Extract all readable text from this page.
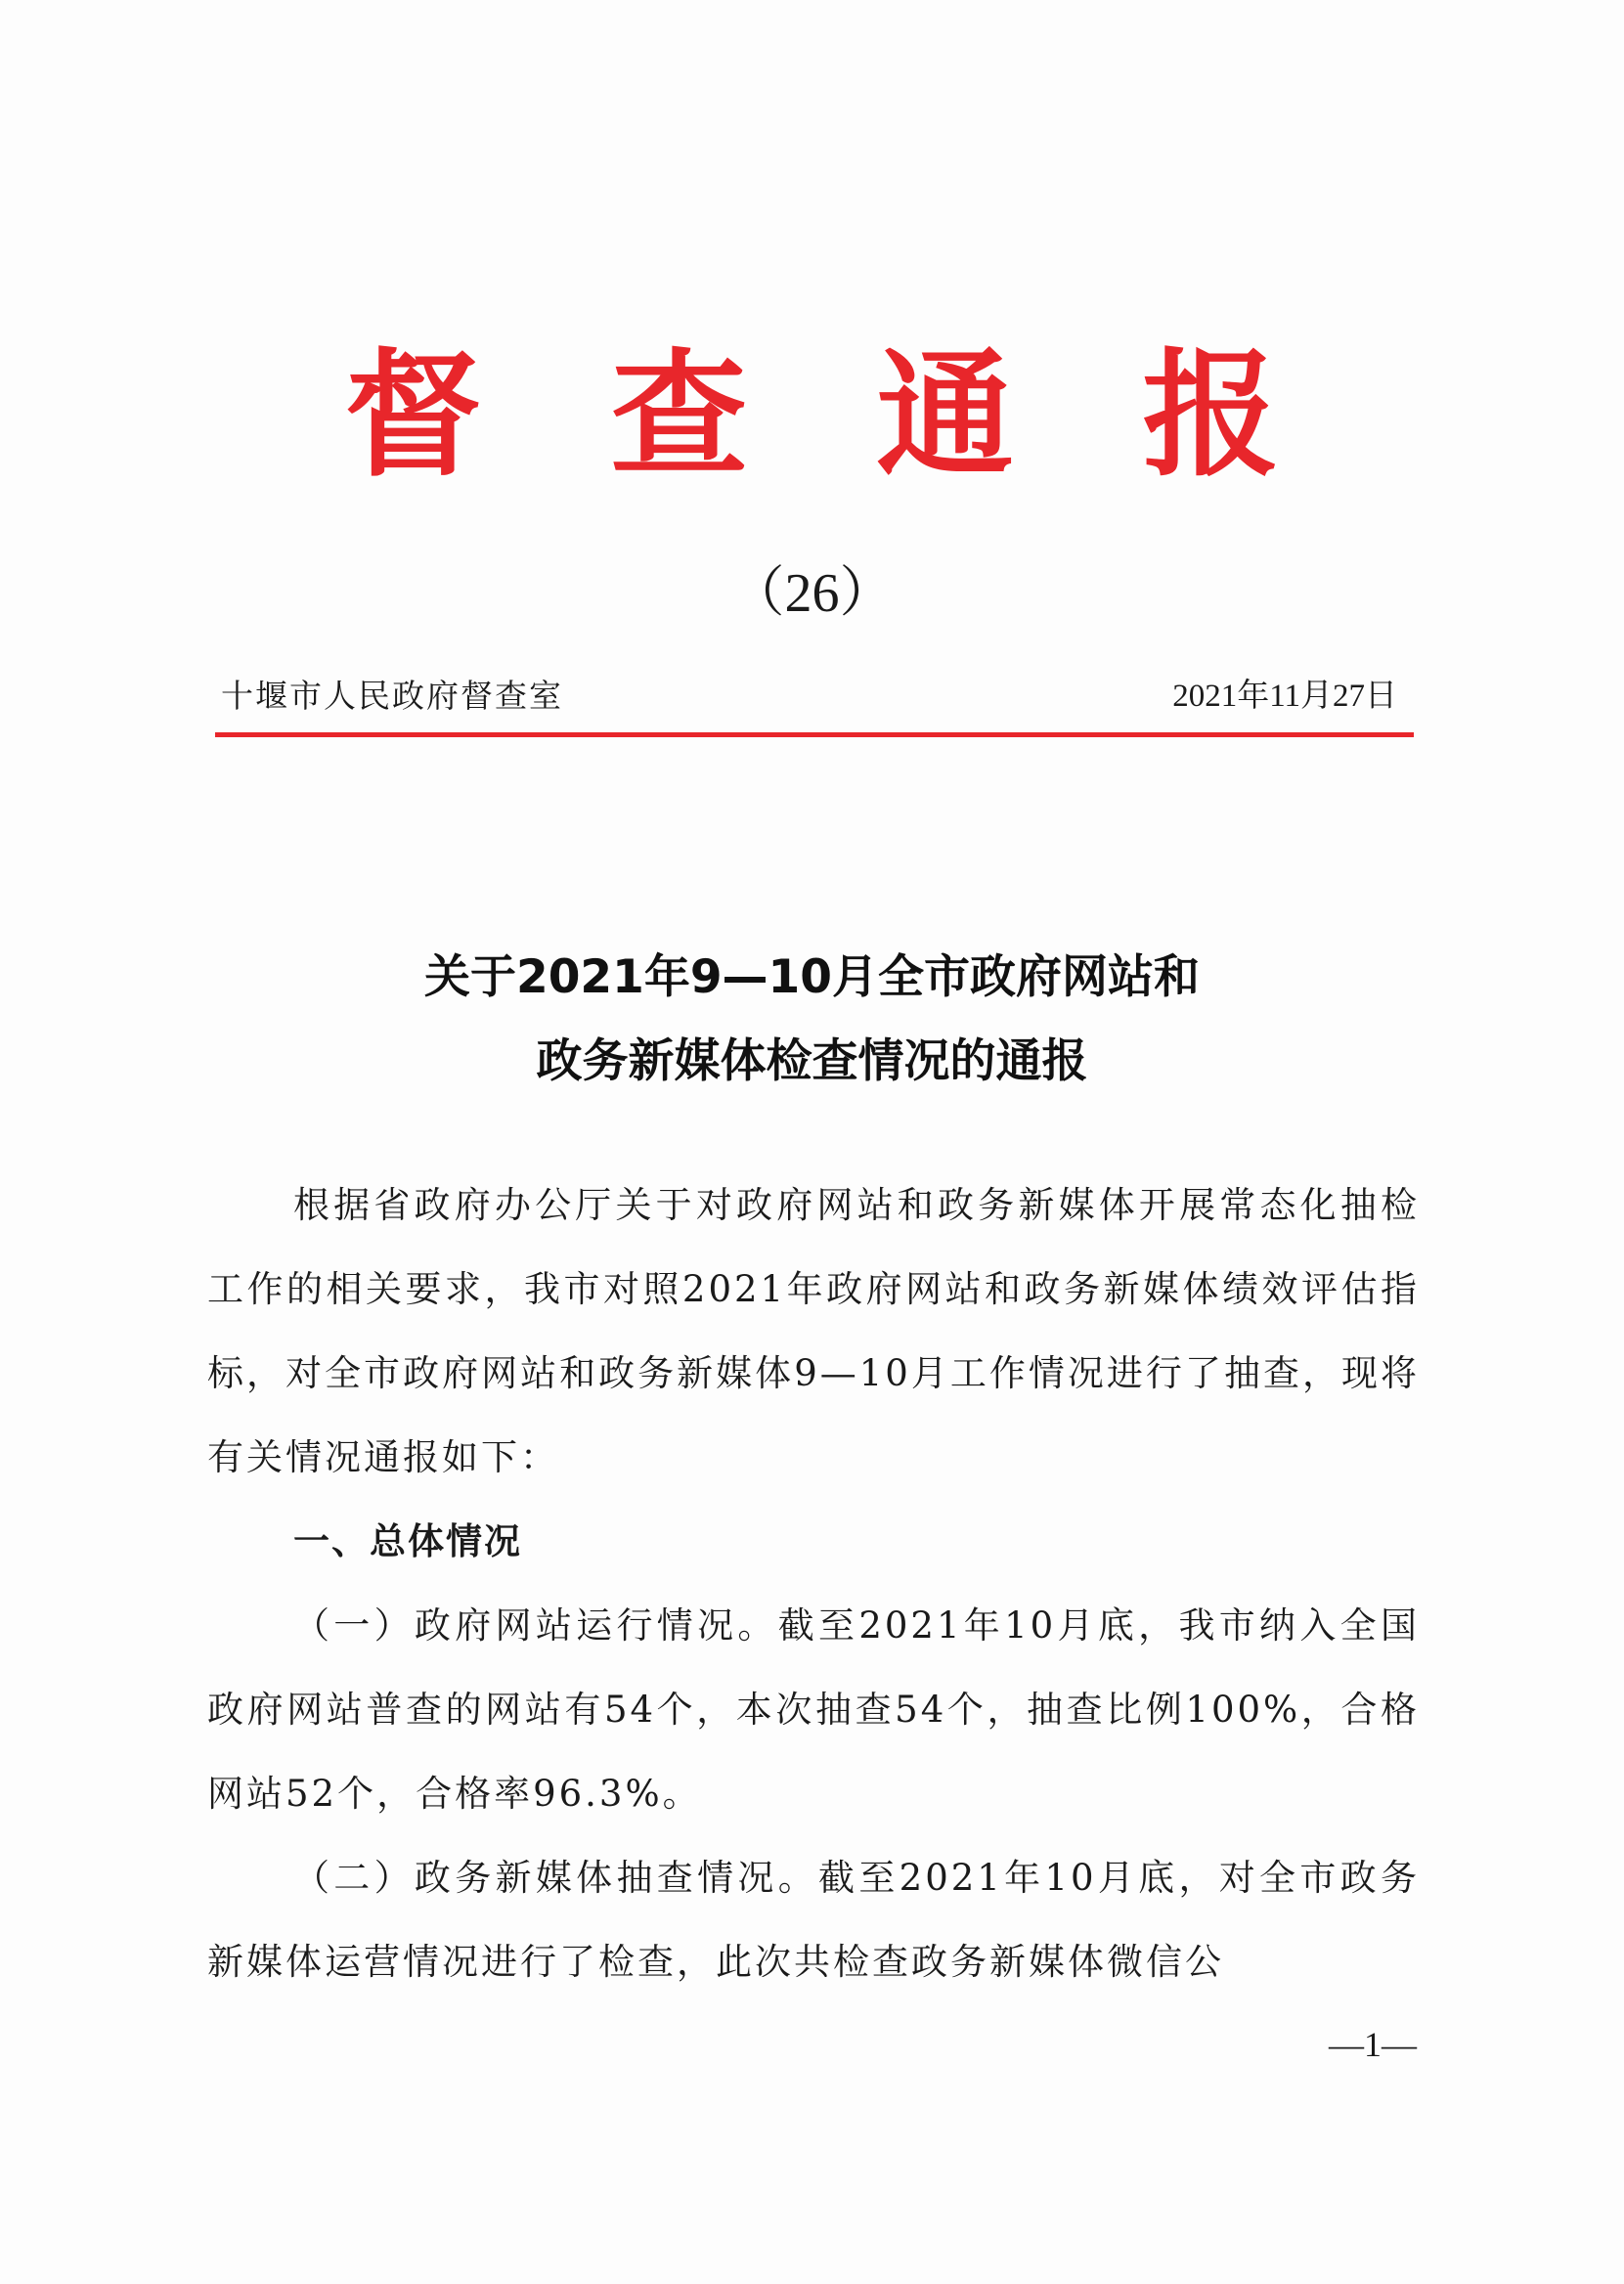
督查通报
（26）
十堰市人民政府督查室	2021年11月27日
关于2021年9—10月全市政府网站和
政务新媒体检查情况的通报

根据省政府办公厅关于对政府网站和政务新媒体开展常态化抽检工作的相关要求，我市对照2021年政府网站和政务新媒体绩效评估指标，对全市政府网站和政务新媒体9—10月工作情况进行了抽查，现将有关情况通报如下：

一、总体情况

（一）政府网站运行情况。截至2021年10月底，我市纳入全国政府网站普查的网站有54个，本次抽查54个，抽查比例100%，合格网站52个，合格率96.3%。

（二）政务新媒体抽查情况。截至2021年10月底，对全市政务新媒体运营情况进行了检查，此次共检查政务新媒体微信公

—1—
